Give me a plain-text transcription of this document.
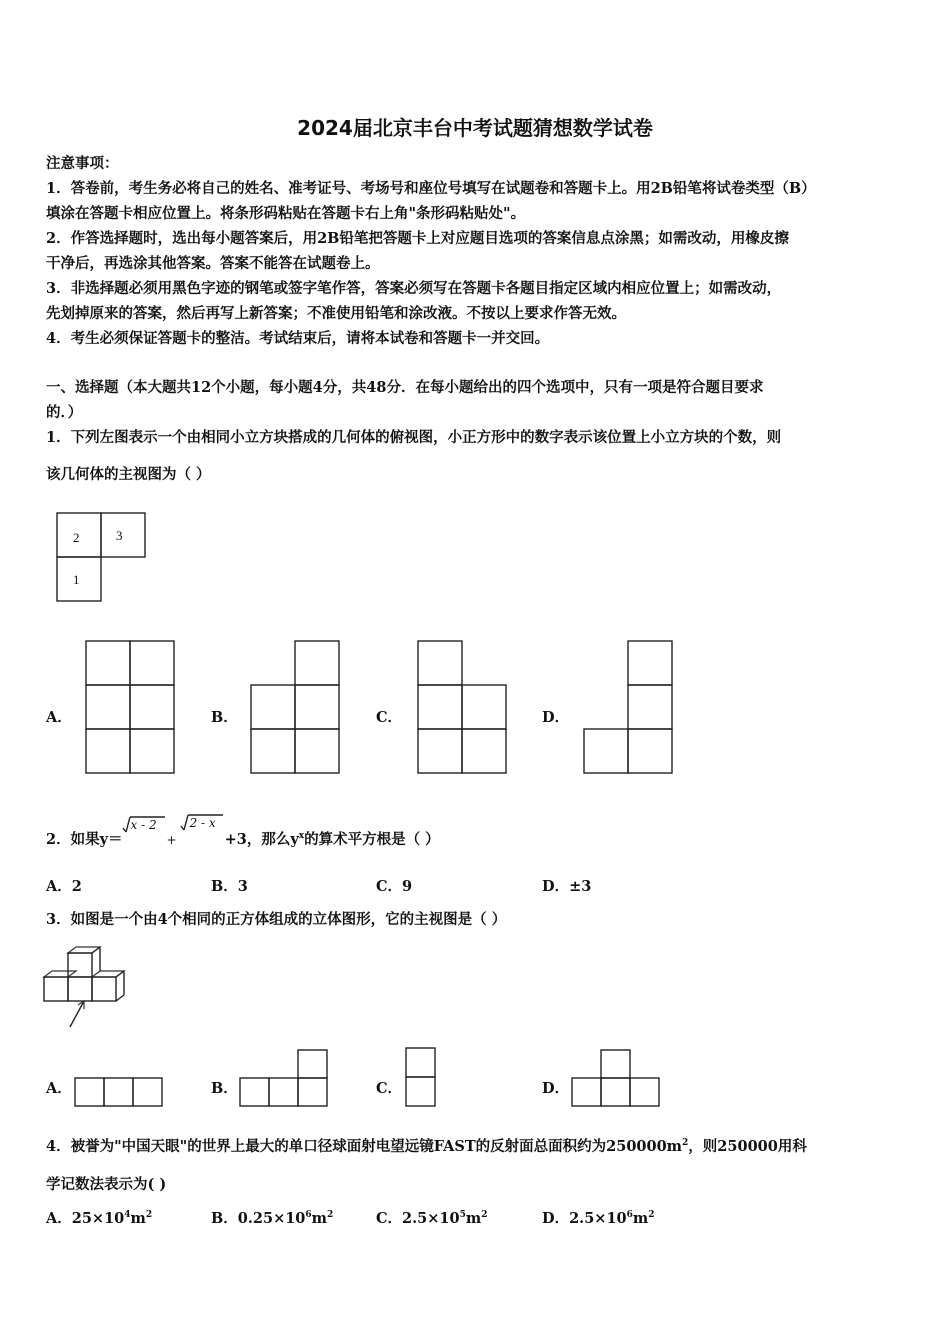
2024届北京丰台中考试题猜想数学试卷
注意事项：
1．答卷前，考生务必将自己的姓名、准考证号、考场号和座位号填写在试题卷和答题卡上。用2B铅笔将试卷类型（B）
填涂在答题卡相应位置上。将条形码粘贴在答题卡右上角"条形码粘贴处"。
2．作答选择题时，选出每小题答案后，用2B铅笔把答题卡上对应题目选项的答案信息点涂黑；如需改动，用橡皮擦
干净后，再选涂其他答案。答案不能答在试题卷上。
3．非选择题必须用黑色字迹的钢笔或签字笔作答，答案必须写在答题卡各题目指定区域内相应位置上；如需改动，
先划掉原来的答案，然后再写上新答案；不准使用铅笔和涂改液。不按以上要求作答无效。
4．考生必须保证答题卡的整洁。考试结束后，请将本试卷和答题卡一并交回。
一、选择题（本大题共12个小题，每小题4分，共48分．在每小题给出的四个选项中，只有一项是符合题目要求
的．）
1．下列左图表示一个由相同小立方块搭成的几何体的俯视图，小正方形中的数字表示该位置上小立方块的个数，则
该几何体的主视图为（ ）
2	3
1
A．	B．	C．	D．
2．如果y＝
x - 2
+
2 - x
+3，那么$y^x$的算术平方根是（ ）
A．2	B．3	C．9	D．±3
3．如图是一个由4个相同的正方体组成的立体图形，它的主视图是（ ）
A．	B．	C．	D．
4．被誉为"中国天眼"的世界上最大的单口径球面射电望远镜FAST的反射面总面积约为$250000m^2$，则250000用科
学记数法表示为( )
A．$25\times 10^4m^2$	B．$0.25\times 10^6m^2$	C．$2.5\times 10^5m^2$	D．$2.5\times 10^6m^2$
